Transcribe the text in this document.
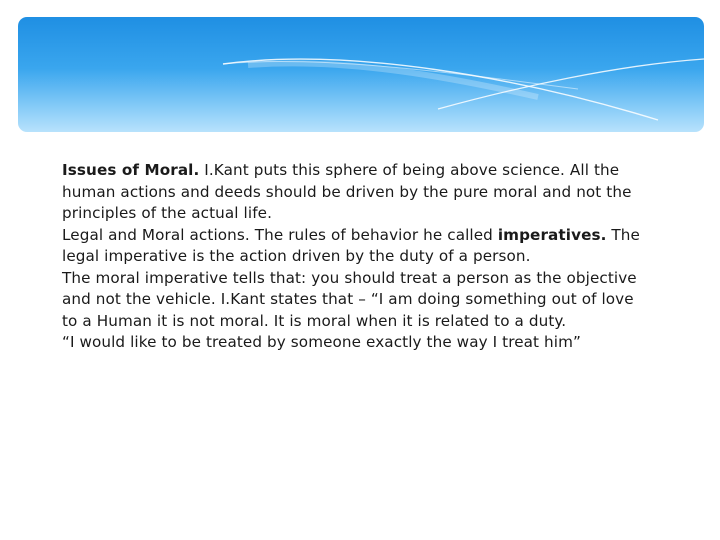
Issues of Moral. I.Kant puts this sphere of being above science. All the human actions and deeds should be driven by the pure moral and not the principles of the actual life.

Legal and Moral actions. The rules of behavior he called imperatives. The legal imperative is the action driven by the duty of a person.

The moral imperative tells that: you should treat a person as the objective and not the vehicle. I.Kant states that – “I am doing something out of love to a Human it is not moral. It is moral when it is related to a duty.

“I would like to be treated by someone exactly the way I treat him”
